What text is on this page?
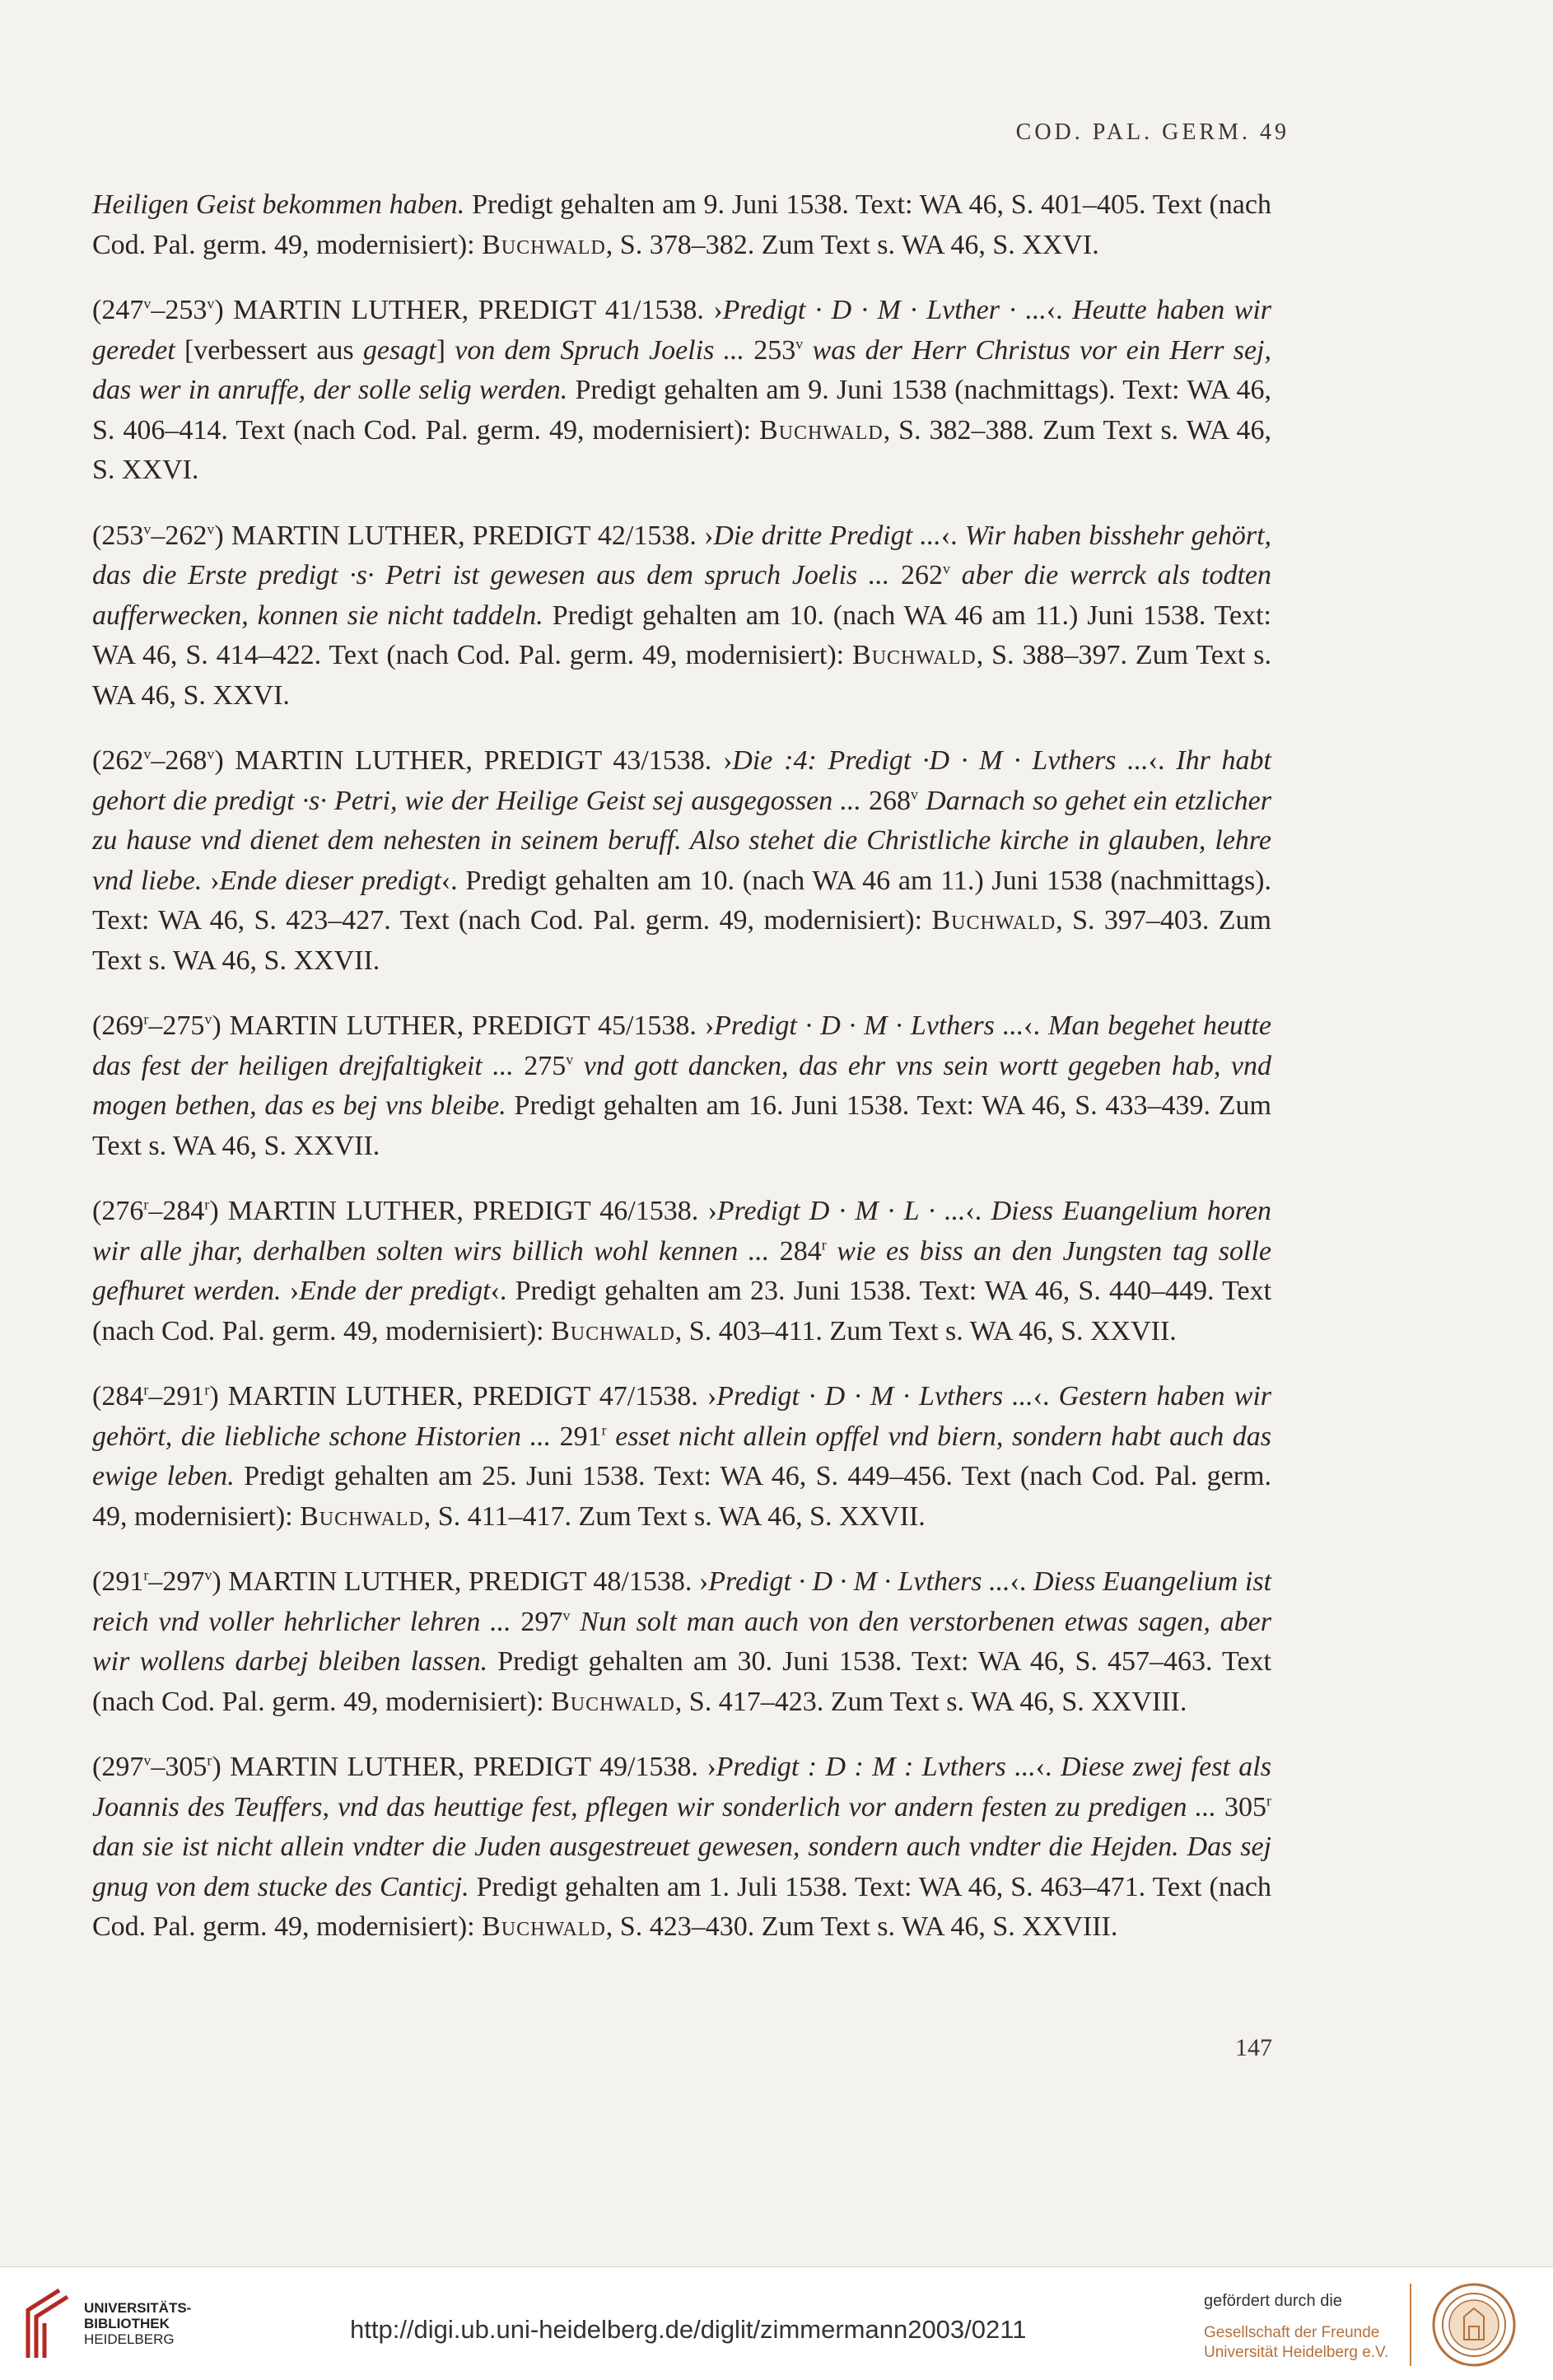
COD. PAL. GERM. 49

Heiligen Geist bekommen haben. Predigt gehalten am 9. Juni 1538. Text: WA 46, S. 401–405. Text (nach Cod. Pal. germ. 49, modernisiert): Buchwald, S. 378–382. Zum Text s. WA 46, S. XXVI.

(247$^v$–253$^v$) MARTIN LUTHER, PREDIGT 41/1538. ›Predigt · D · M · Lvther · ...‹. Heutte haben wir geredet [verbessert aus gesagt] von dem Spruch Joelis ... 253$^v$ was der Herr Christus vor ein Herr sej, das wer in anruffe, der solle selig werden. Predigt gehalten am 9. Juni 1538 (nachmittags). Text: WA 46, S. 406–414. Text (nach Cod. Pal. germ. 49, modernisiert): Buchwald, S. 382–388. Zum Text s. WA 46, S. XXVI.

(253$^v$–262$^v$) MARTIN LUTHER, PREDIGT 42/1538. ›Die dritte Predigt ...‹. Wir haben bisshehr gehört, das die Erste predigt ·s· Petri ist gewesen aus dem spruch Joelis ... 262$^v$ aber die werrck als todten aufferwecken, konnen sie nicht taddeln. Predigt gehalten am 10. (nach WA 46 am 11.) Juni 1538. Text: WA 46, S. 414–422. Text (nach Cod. Pal. germ. 49, modernisiert): Buchwald, S. 388–397. Zum Text s. WA 46, S. XXVI.

(262$^v$–268$^v$) MARTIN LUTHER, PREDIGT 43/1538. ›Die :4: Predigt ·D · M · Lvthers ...‹. Ihr habt gehort die predigt ·s· Petri, wie der Heilige Geist sej ausgegossen ... 268$^v$ Darnach so gehet ein etzlicher zu hause vnd dienet dem nehesten in seinem beruff. Also stehet die Christliche kirche in glauben, lehre vnd liebe. ›Ende dieser predigt‹. Predigt gehalten am 10. (nach WA 46 am 11.) Juni 1538 (nachmittags). Text: WA 46, S. 423–427. Text (nach Cod. Pal. germ. 49, modernisiert): Buchwald, S. 397–403. Zum Text s. WA 46, S. XXVII.

(269$^r$–275$^v$) MARTIN LUTHER, PREDIGT 45/1538. ›Predigt · D · M · Lvthers ...‹. Man begehet heutte das fest der heiligen drejfaltigkeit ... 275$^v$ vnd gott dancken, das ehr vns sein wortt gegeben hab, vnd mogen bethen, das es bej vns bleibe. Predigt gehalten am 16. Juni 1538. Text: WA 46, S. 433–439. Zum Text s. WA 46, S. XXVII.

(276$^r$–284$^r$) MARTIN LUTHER, PREDIGT 46/1538. ›Predigt D · M · L · ...‹. Diess Euangelium horen wir alle jhar, derhalben solten wirs billich wohl kennen ... 284$^r$ wie es biss an den Jungsten tag solle gefhuret werden. ›Ende der predigt‹. Predigt gehalten am 23. Juni 1538. Text: WA 46, S. 440–449. Text (nach Cod. Pal. germ. 49, modernisiert): Buchwald, S. 403–411. Zum Text s. WA 46, S. XXVII.

(284$^r$–291$^r$) MARTIN LUTHER, PREDIGT 47/1538. ›Predigt · D · M · Lvthers ...‹. Gestern haben wir gehört, die liebliche schone Historien ... 291$^r$ esset nicht allein opffel vnd biern, sondern habt auch das ewige leben. Predigt gehalten am 25. Juni 1538. Text: WA 46, S. 449–456. Text (nach Cod. Pal. germ. 49, modernisiert): Buchwald, S. 411–417. Zum Text s. WA 46, S. XXVII.

(291$^r$–297$^v$) MARTIN LUTHER, PREDIGT 48/1538. ›Predigt · D · M · Lvthers ...‹. Diess Euangelium ist reich vnd voller hehrlicher lehren ... 297$^v$ Nun solt man auch von den verstorbenen etwas sagen, aber wir wollens darbej bleiben lassen. Predigt gehalten am 30. Juni 1538. Text: WA 46, S. 457–463. Text (nach Cod. Pal. germ. 49, modernisiert): Buchwald, S. 417–423. Zum Text s. WA 46, S. XXVIII.

(297$^v$–305$^r$) MARTIN LUTHER, PREDIGT 49/1538. ›Predigt : D : M : Lvthers ...‹. Diese zwej fest als Joannis des Teuffers, vnd das heuttige fest, pflegen wir sonderlich vor andern festen zu predigen ... 305$^r$ dan sie ist nicht allein vndter die Juden ausgestreuet gewesen, sondern auch vndter die Hejden. Das sej gnug von dem stucke des Canticj. Predigt gehalten am 1. Juli 1538. Text: WA 46, S. 463–471. Text (nach Cod. Pal. germ. 49, modernisiert): Buchwald, S. 423–430. Zum Text s. WA 46, S. XXVIII.

147
UNIVERSITÄTS-
BIBLIOTHEK
HEIDELBERG	http://digi.ub.uni-heidelberg.de/diglit/zimmermann2003/0211
gefördert durch die
Gesellschaft der Freunde
Universität Heidelberg e.V.
